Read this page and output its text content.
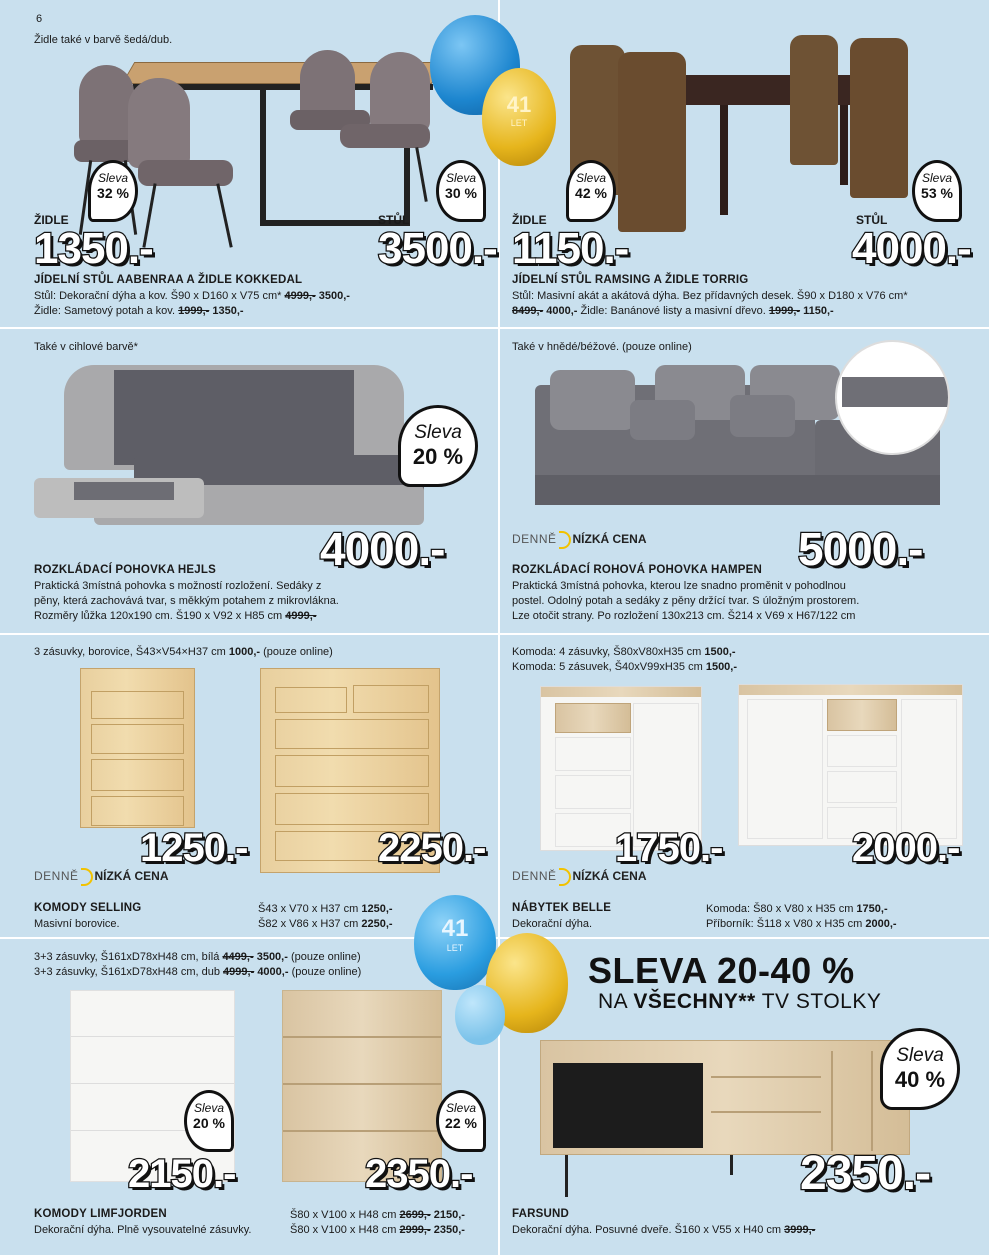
6
Židle také v barvě šedá/dub.
Sleva
32 %
Sleva
30 %
ŽIDLE	STŮL
1350.-	3500.-
JÍDELNÍ STŮL AABENRAA A ŽIDLE KOKKEDAL
Stůl: Dekorační dýha a kov. Š90 x D160 x V75 cm* 4999,- 3500,-
Židle: Sametový potah a kov. 1999,- 1350,-
41
LET
Sleva
42 %
Sleva
53 %
ŽIDLE	STŮL
1150.-	4000.-
JÍDELNÍ STŮL RAMSING A ŽIDLE TORRIG
Stůl: Masivní akát a akátová dýha. Bez přídavných desek. Š90 x D180 x V76 cm*
8499,- 4000,- Židle: Banánové listy a masivní dřevo. 1999,- 1150,-
Také v cihlové barvě*
Sleva
20 %
4000.-
ROZKLÁDACÍ POHOVKA HEJLS
Praktická 3místná pohovka s možností rozložení. Sedáky z
pěny, která zachovává tvar, s měkkým potahem z mikrovlákna.
Rozměry lůžka 120x190 cm. Š190 x V92 x H85 cm 4999,-
Také v hnědé/béžové. (pouze online)
DENNĚ NÍZKÁ CENA	5000.-
ROZKLÁDACÍ ROHOVÁ POHOVKA HAMPEN
Praktická 3místná pohovka, kterou lze snadno proměnit v pohodlnou
postel. Odolný potah a sedáky z pěny držící tvar. S úložným prostorem.
Lze otočit strany. Po rozložení 130x213 cm. Š214 x V69 x H67/122 cm
3 zásuvky, borovice, Š43×V54×H37 cm 1000,- (pouze online)
1250.-	2250.-
DENNĚ NÍZKÁ CENA
KOMODY SELLING
Masivní borovice.
Š43 x V70 x H37 cm 1250,-
Š82 x V86 x H37 cm 2250,-
Komoda: 4 zásuvky, Š80xV80xH35 cm 1500,-
Komoda: 5 zásuvek, Š40xV99xH35 cm 1500,-
1750.-	2000.-
DENNĚ NÍZKÁ CENA
NÁBYTEK BELLE
Dekorační dýha.
Komoda: Š80 x V80 x H35 cm 1750,-
Příborník: Š118 x V80 x H35 cm 2000,-
41
LET
3+3 zásuvky, Š161xD78xH48 cm, bílá 4499,- 3500,- (pouze online)
3+3 zásuvky, Š161xD78xH48 cm, dub 4999,- 4000,- (pouze online)
Sleva
20 %
Sleva
22 %
2150.-	2350.-
KOMODY LIMFJORDEN
Dekorační dýha. Plně vysouvatelné zásuvky.
Š80 x V100 x H48 cm 2699,- 2150,-
Š80 x V100 x H48 cm 2999,- 2350,-
SLEVA 20-40 %
NA VŠECHNY** TV STOLKY
Sleva
40 %
2350.-
FARSUND
Dekorační dýha. Posuvné dveře. Š160 x V55 x H40 cm 3999,-
